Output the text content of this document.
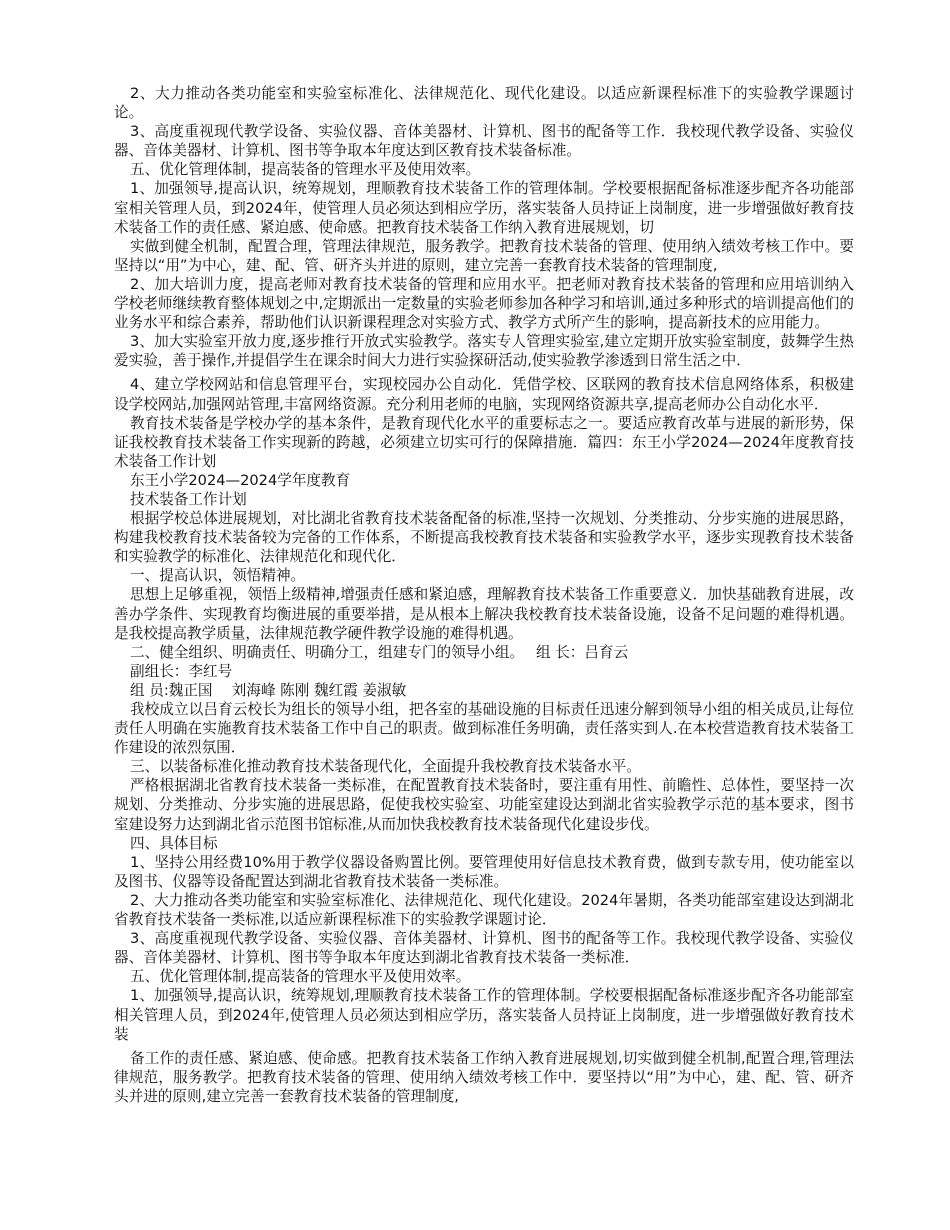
2、大力推动各类功能室和实验室标准化、法律规范化、现代化建设。以适应新课程标准下的实验教学课题讨论。

3、高度重视现代教学设备、实验仪器、音体美器材、计算机、图书的配备等工作．我校现代教学设备、实验仪器、音体美器材、计算机、图书等争取本年度达到区教育技术装备标准。

五、优化管理体制，提高装备的管理水平及使用效率。

1、加强领导,提高认识，统筹规划，理顺教育技术装备工作的管理体制。学校要根据配备标准逐步配齐各功能部室相关管理人员，到2024年，使管理人员必须达到相应学历，落实装备人员持证上岗制度，进一步增强做好教育技术装备工作的责任感、紧迫感、使命感。把教育技术装备工作纳入教育进展规划，切

实做到健全机制，配置合理，管理法律规范，服务教学。把教育技术装备的管理、使用纳入绩效考核工作中。要坚持以“用”为中心，建、配、管、研齐头并进的原则，建立完善一套教育技术装备的管理制度,

2、加大培训力度，提高老师对教育技术装备的管理和应用水平。把老师对教育技术装备的管理和应用培训纳入学校老师继续教育整体规划之中,定期派出一定数量的实验老师参加各种学习和培训,通过多种形式的培训提高他们的业务水平和综合素养，帮助他们认识新课程理念对实验方式、教学方式所产生的影响，提高新技术的应用能力。

3、加大实验室开放力度,逐步推行开放式实验教学。落实专人管理实验室,建立定期开放实验室制度，鼓舞学生热爱实验，善于操作,并提倡学生在课余时间大力进行实验探研活动,使实验教学渗透到日常生活之中．

4、建立学校网站和信息管理平台，实现校园办公自动化．凭借学校、区联网的教育技术信息网络体系，积极建设学校网站,加强网站管理,丰富网络资源。充分利用老师的电脑，实现网络资源共享,提高老师办公自动化水平．

教育技术装备是学校办学的基本条件，是教育现代化水平的重要标志之一。要适应教育改革与进展的新形势，保证我校教育技术装备工作实现新的跨越，必须建立切实可行的保障措施．篇四：东王小学2024—2024年度教育技术装备工作计划

东王小学2024—2024学年度教育

技术装备工作计划

根据学校总体进展规划，对比湖北省教育技术装备配备的标准,坚持一次规划、分类推动、分步实施的进展思路，构建我校教育技术装备较为完备的工作体系，不断提高我校教育技术装备和实验教学水平，逐步实现教育技术装备和实验教学的标准化、法律规范化和现代化．

一、提高认识，领悟精神。

思想上足够重视，领悟上级精神,增强责任感和紧迫感，理解教育技术装备工作重要意义．加快基础教育进展，改善办学条件、实现教育均衡进展的重要举措，是从根本上解决我校教育技术装备设施，设备不足问题的难得机遇。是我校提高教学质量，法律规范教学硬件教学设施的难得机遇。

二、健全组织、明确责任、明确分工，组建专门的领导小组。　 组 长：吕育云

副组长：李红号

组 员:魏正国　 刘海峰 陈刚 魏红霞 姜淑敏

我校成立以吕育云校长为组长的领导小组，把各室的基础设施的目标责任迅速分解到领导小组的相关成员,让每位责任人明确在实施教育技术装备工作中自己的职责。做到标准任务明确，责任落实到人.在本校营造教育技术装备工作建设的浓烈氛围．

三、以装备标准化推动教育技术装备现代化，全面提升我校教育技术装备水平。

严格根据湖北省教育技术装备一类标准，在配置教育技术装备时，要注重有用性、前瞻性、总体性，要坚持一次规划、分类推动、分步实施的进展思路，促使我校实验室、功能室建设达到湖北省实验教学示范的基本要求，图书室建设努力达到湖北省示范图书馆标准,从而加快我校教育技术装备现代化建设步伐。

四、具体目标

1、坚持公用经费10%用于教学仪器设备购置比例。要管理使用好信息技术教育费，做到专款专用，使功能室以及图书、仪器等设备配置达到湖北省教育技术装备一类标准。

2、大力推动各类功能室和实验室标准化、法律规范化、现代化建设。2024年暑期，各类功能部室建设达到湖北省教育技术装备一类标准,以适应新课程标准下的实验教学课题讨论．

3、高度重视现代教学设备、实验仪器、音体美器材、计算机、图书的配备等工作。我校现代教学设备、实验仪器、音体美器材、计算机、图书等争取本年度达到湖北省教育技术装备一类标准．

五、优化管理体制,提高装备的管理水平及使用效率。

1、加强领导,提高认识，统筹规划,理顺教育技术装备工作的管理体制。学校要根据配备标准逐步配齐各功能部室相关管理人员，到2024年,使管理人员必须达到相应学历，落实装备人员持证上岗制度，进一步增强做好教育技术装

备工作的责任感、紧迫感、使命感。把教育技术装备工作纳入教育进展规划,切实做到健全机制,配置合理,管理法律规范，服务教学。把教育技术装备的管理、使用纳入绩效考核工作中．要坚持以“用”为中心，建、配、管、研齐头并进的原则,建立完善一套教育技术装备的管理制度,
